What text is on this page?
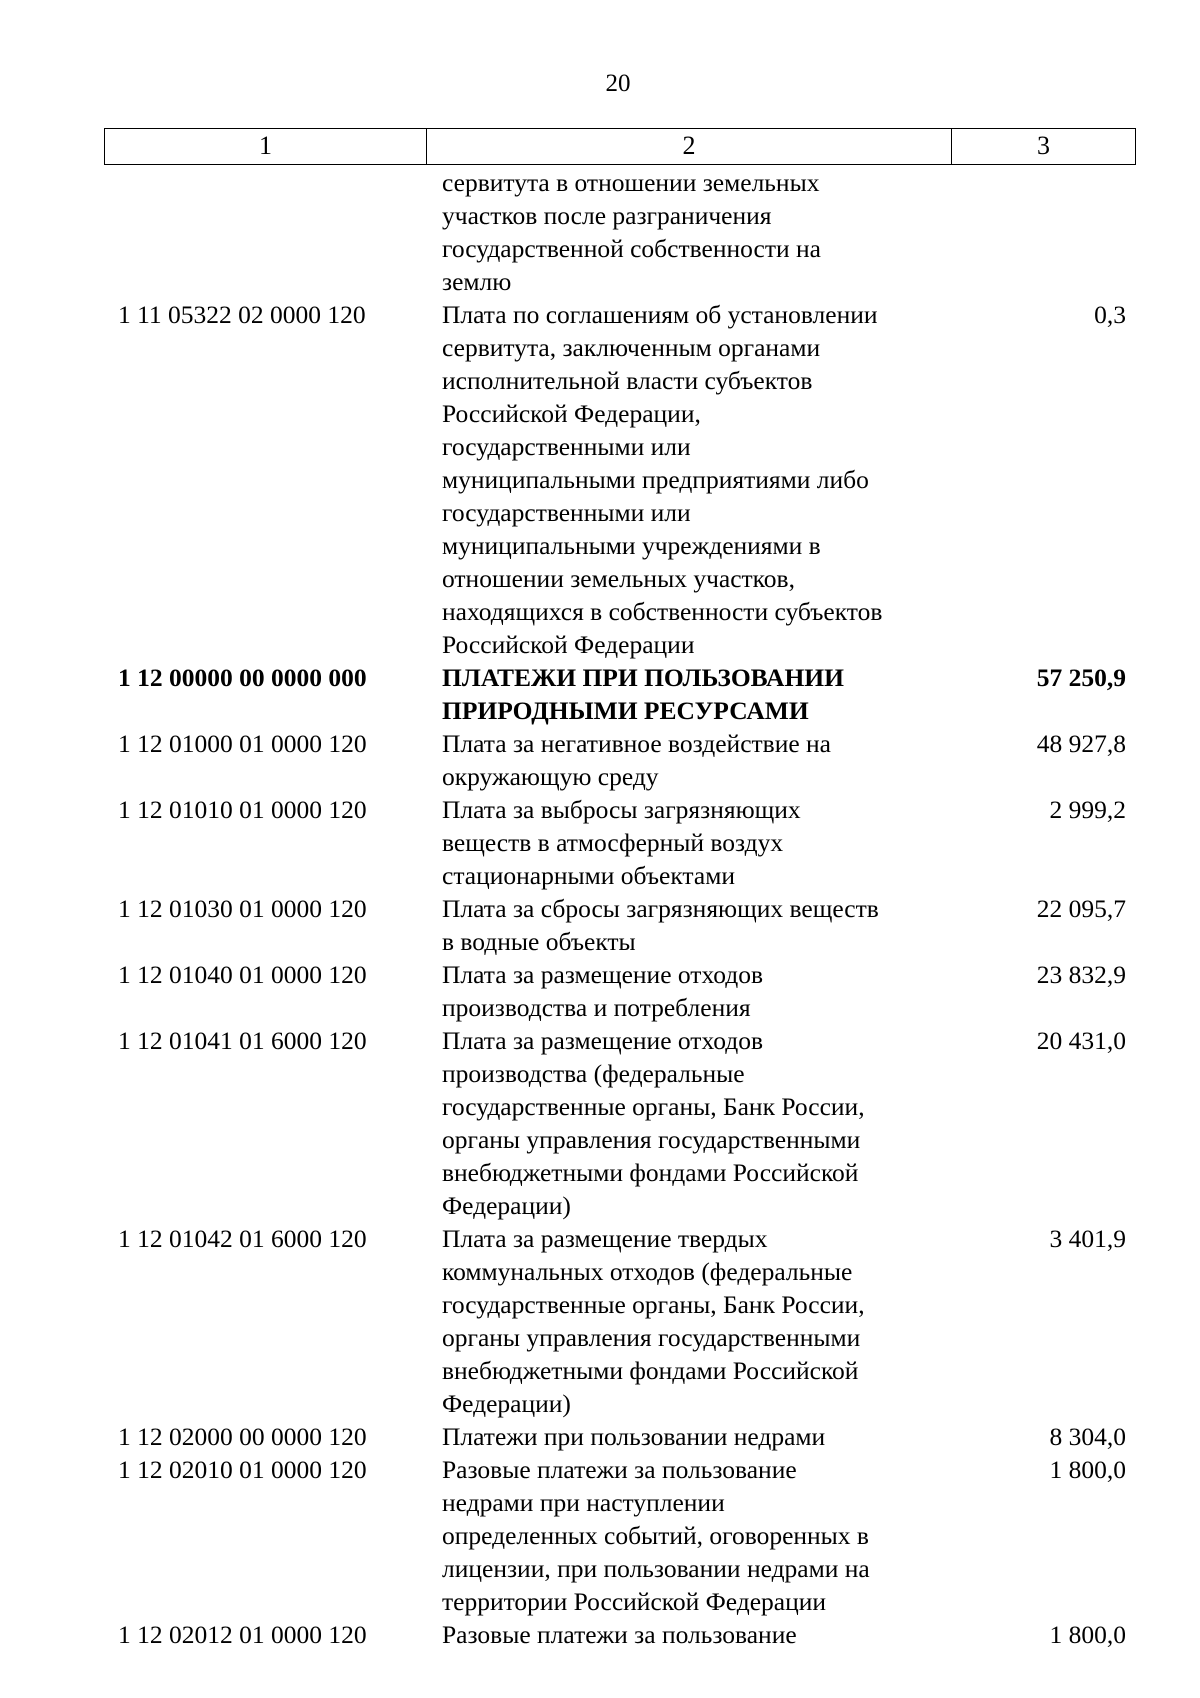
20
1	2	3
сервитута в отношении земельных
участков после разграничения
государственной собственности на
землю
1 11 05322 02 0000 120	Плата по соглашениям об установлении
сервитута, заключенным органами
исполнительной власти субъектов
Российской Федерации,
государственными или
муниципальными предприятиями либо
государственными или
муниципальными учреждениями в
отношении земельных участков,
находящихся в собственности субъектов
Российской Федерации
0,3
1 12 00000 00 0000 000	ПЛАТЕЖИ ПРИ ПОЛЬЗОВАНИИ
ПРИРОДНЫМИ РЕСУРСАМИ
57 250,9
1 12 01000 01 0000 120	Плата за негативное воздействие на
окружающую среду
48 927,8
1 12 01010 01 0000 120	Плата за выбросы загрязняющих
веществ в атмосферный воздух
стационарными объектами
2 999,2
1 12 01030 01 0000 120	Плата за сбросы загрязняющих веществ
в водные объекты
22 095,7
1 12 01040 01 0000 120	Плата за размещение отходов
производства и потребления
23 832,9
1 12 01041 01 6000 120	Плата за размещение отходов
производства (федеральные
государственные органы, Банк России,
органы управления государственными
внебюджетными фондами Российской
Федерации)
20 431,0
1 12 01042 01 6000 120	Плата за размещение твердых
коммунальных отходов (федеральные
государственные органы, Банк России,
органы управления государственными
внебюджетными фондами Российской
Федерации)
3 401,9
1 12 02000 00 0000 120	Платежи при пользовании недрами	8 304,0
1 12 02010 01 0000 120	Разовые платежи за пользование
недрами при наступлении
определенных событий, оговоренных в
лицензии, при пользовании недрами на
территории Российской Федерации
1 800,0
1 12 02012 01 0000 120	Разовые платежи за пользование	1 800,0
